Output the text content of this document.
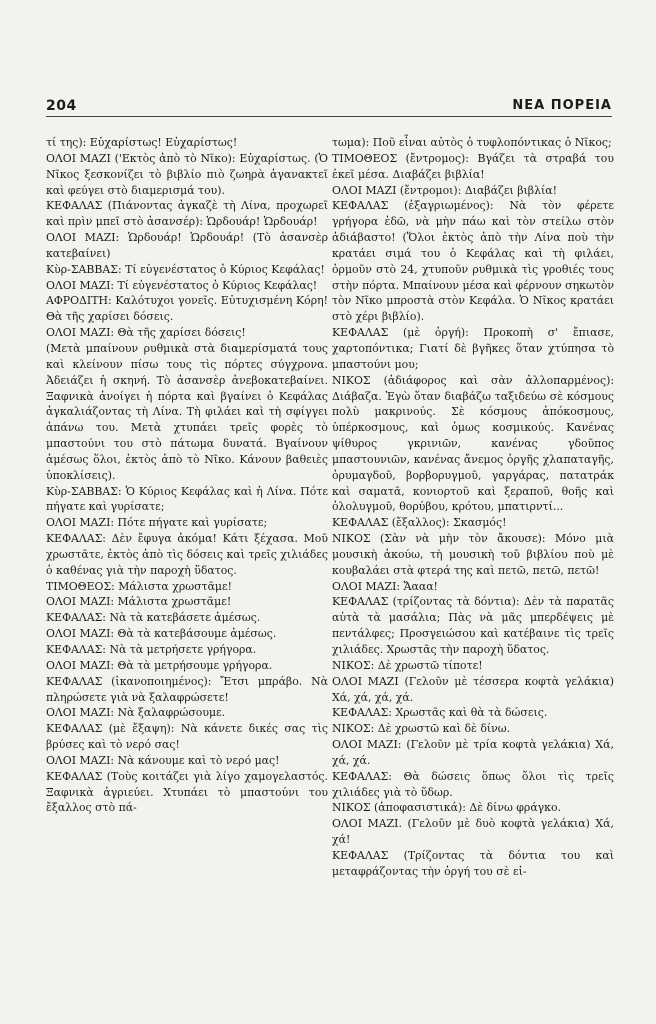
204	ΝΕΑ ΠΟΡΕΙΑ

τί της): Εὐχαρίστως! Εὐχαρίστως!

ΟΛΟΙ ΜΑΖΙ ('Εκτὸς ἀπὸ τὸ Νῖκο): Εὐχαρίστως. (Ὁ Νῖκος ξεσκονίζει τὸ βιβλίο πιὸ ζωηρὰ ἀγανακτεῖ καὶ φεύγει στὸ διαμερισμά του).

ΚΕΦΑΛΑΣ (Πιάνοντας ἀγκαζὲ τὴ Λίνα, προχωρεῖ καὶ πρὶν μπεῖ στὸ ἀσανσέρ): Ὡρδουάρ! Ὡρδουάρ!

ΟΛΟΙ ΜΑΖΙ: Ὡρδουάρ! Ὡρδουάρ! (Τὸ ἀσανσὲρ κατεβαίνει)

Κὺρ-ΣΑΒΒΑΣ: Τί εὐγενέστατος ὁ Κύριος Κεφάλας!

ΟΛΟΙ ΜΑΖΙ: Τί εὐγενέστατος ὁ Κύριος Κεφάλας!

ΑΦΡΟΔΙΤΗ: Καλότυχοι γονεῖς. Εὐτυχισμένη Κόρη! Θὰ τῆς χαρίσει δόσεις.

ΟΛΟΙ ΜΑΖΙ: Θὰ τῆς χαρίσει δόσεις!

(Μετὰ μπαίνουν ρυθμικὰ στὰ διαμερίσματά τους καὶ κλείνουν πίσω τους τὶς πόρτες σύγχρονα. Ἀδειάζει ἡ σκηνή. Τὸ ἀσανσὲρ ἀνεβοκατεβαίνει. Ξαφνικὰ ἀνοίγει ἡ πόρτα καὶ βγαίνει ὁ Κεφάλας ἀγκαλιάζοντας τὴ Λίνα. Τὴ φιλάει καὶ τὴ σφίγγει ἀπάνω του. Μετὰ χτυπάει τρεῖς φορὲς τὸ μπαστούνι του στὸ πάτωμα δυνατά. Βγαίνουν ἀμέσως ὅλοι, ἐκτὸς ἀπὸ τὸ Νῖκο. Κάνουν βαθειὲς ὑποκλίσεις).

Κὺρ-ΣΑΒΒΑΣ: Ὁ Κύριος Κεφάλας καὶ ἡ Λίνα. Πότε πήγατε καὶ γυρίσατε;

ΟΛΟΙ ΜΑΖΙ: Πότε πήγατε καὶ γυρίσατε;

ΚΕΦΑΛΑΣ: Δὲν ἔφυγα ἀκόμα! Κάτι ξέχασα. Μοῦ χρωστᾶτε, ἐκτὸς ἀπὸ τὶς δόσεις καὶ τρεῖς χιλιάδες ὁ καθένας γιὰ τὴν παροχὴ ὕδατος.

ΤΙΜΟΘΕΟΣ: Μάλιστα χρωστᾶμε!

ΟΛΟΙ ΜΑΖΙ: Μάλιστα χρωστᾶμε!

ΚΕΦΑΛΑΣ: Νὰ τὰ κατεβάσετε ἀμέσως.

ΟΛΟΙ ΜΑΖΙ: Θὰ τὰ κατεβάσουμε ἀμέσως.

ΚΕΦΑΛΑΣ: Νὰ τὰ μετρήσετε γρήγορα.

ΟΛΟΙ ΜΑΖΙ: Θὰ τὰ μετρήσουμε γρήγορα.

ΚΕΦΑΛΑΣ (ἱκανοποιημένος): Ἔτσι μπράβο. Νὰ πληρώσετε γιὰ νὰ ξαλαφρώσετε!

ΟΛΟΙ ΜΑΖΙ: Νὰ ξαλαφρώσουμε.

ΚΕΦΑΛΑΣ (μὲ ἔξαψη): Νὰ κάνετε δικές σας τὶς βρύσες καὶ τὸ νερό σας!

ΟΛΟΙ ΜΑΖΙ: Νὰ κάνουμε καὶ τὸ νερό μας!

ΚΕΦΑΛΑΣ (Τοὺς κοιτάζει γιὰ λίγο χαμογελαστός. Ξαφνικὰ ἀγριεύει. Χτυπάει τὸ μπαστούνι του ἔξαλλος στὸ πά-

τωμα): Ποῦ εἶναι αὐτὸς ὁ τυφλοπόντικας ὁ Νῖκος;

ΤΙΜΟΘΕΟΣ (ἔντρομος): Βγάζει τὰ στραβά του ἐκεῖ μέσα. Διαβάζει βιβλία!

ΟΛΟΙ ΜΑΖΙ (ἔντρομοι): Διαβάζει βιβλία!

ΚΕΦΑΛΑΣ (ἐξαγριωμένος): Νὰ τὸν φέρετε γρήγορα ἐδῶ, νὰ μὴν πάω καὶ τὸν στείλω στὸν ἀδιάβαστο! (Ὅλοι ἐκτὸς ἀπὸ τὴν Λίνα ποὺ τὴν κρατάει σιμά του ὁ Κεφάλας καὶ τὴ φιλάει, ὁρμοῦν στὸ 24, χτυποῦν ρυθμικὰ τὶς γροθιές τους στὴν πόρτα. Μπαίνουν μέσα καὶ φέρνουν σηκωτὸν τὸν Νῖκο μπροστὰ στὸν Κεφάλα. Ὁ Νῖκος κρατάει στὸ χέρι βιβλίο).

ΚΕΦΑΛΑΣ (μὲ ὀργή): Προκοπὴ σ' ἔπιασε, χαρτοπόντικα; Γιατί δὲ βγῆκες ὅταν χτύπησα τὸ μπαστούνι μου;

ΝΙΚΟΣ (ἀδιάφορος καὶ σὰν ἀλλοπαρμένος): Διάβαζα. Ἐγὼ ὅταν διαβάζω ταξιδεύω σὲ κόσμους πολὺ μακρινούς. Σὲ κόσμους ἀπόκοσμους, ὑπέρκοσμους, καὶ ὁμως κοσμικούς. Κανένας ψίθυρος γκρινιῶν, κανένας γδοῦπος μπαστουνιῶν, κανένας ἄνεμος ὀργῆς χλαπαταγῆς, ὀρυμαγδοῦ, βορβορυγμοῦ, γαργάρας, πατατράκ καὶ σαματᾶ, κονιορτοῦ καὶ ξεραποῦ, θοῆς καὶ ὀλολυγμοῦ, θορύβου, κρότου, μπατιρντί...

ΚΕΦΑΛΑΣ (ἔξαλλος): Σκασμός!

ΝΙΚΟΣ (Σὰν νὰ μὴν τὸν ἄκουσε): Μόνο μιὰ μουσικὴ ἀκούω, τὴ μουσικὴ τοῦ βιβλίου ποὺ μὲ κουβαλάει στὰ φτερά της καὶ πετῶ, πετῶ, πετῶ!

ΟΛΟΙ ΜΑΖΙ: Ἄααα!

ΚΕΦΑΛΑΣ (τρίζοντας τὰ δόντια): Δὲν τὰ παρατᾶς αὐτὰ τὰ μασάλια; Πὰς νὰ μᾶς μπερδέψεις μὲ πεντάλφες; Προσγειώσου καὶ κατέβαινε τὶς τρεῖς χιλιάδες. Χρωστᾶς τὴν παροχὴ ὕδατος.

ΝΙΚΟΣ: Δὲ χρωστῶ τίποτε!

ΟΛΟΙ ΜΑΖΙ (Γελοῦν μὲ τέσσερα κοφτὰ γελάκια) Χά, χά, χά, χά.

ΚΕΦΑΛΑΣ: Χρωστᾶς καὶ θὰ τὰ δώσεις.

ΝΙΚΟΣ: Δὲ χρωστῶ καὶ δὲ δίνω.

ΟΛΟΙ ΜΑΖΙ: (Γελοῦν μὲ τρία κοφτὰ γελάκια) Χά, χά, χά.

ΚΕΦΑΛΑΣ: Θὰ δώσεις ὅπως ὅλοι τὶς τρεῖς χιλιάδες γιὰ τὸ ὕδωρ.

ΝΙΚΟΣ (ἀποφασιστικά): Δὲ δίνω φράγκο.

ΟΛΟΙ ΜΑΖΙ. (Γελοῦν μὲ δυὸ κοφτὰ γελάκια) Χά, χά!

ΚΕΦΑΛΑΣ (Τρίζοντας τὰ δόντια του καὶ μεταφράζοντας τὴν ὀργή του σὲ εἰ-
